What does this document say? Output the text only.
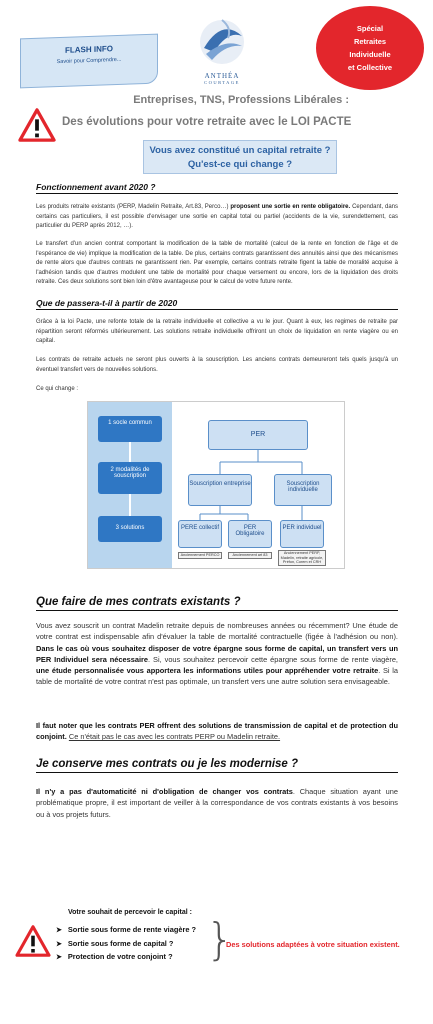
FLASH INFO
Savoir pour Comprendre...
ANTHÉA
COURTAGE
Spécial
Retraites
Individuelle
et Collective
Entreprises, TNS, Professions Libérales :
Des évolutions pour votre retraite avec le LOI PACTE
Vous avez constitué un capital retraite ?
Qu'est-ce qui change ?
Fonctionnement avant 2020 ?

Les produits retraite existants (PERP, Madelin Retraite, Art.83, Perco…) proposent une sortie en rente obligatoire. Cependant, dans certains cas particuliers, il est possible d'envisager une sortie en capital total ou partiel (accidents de la vie, surendettement, cas particulier du PERP après 2012, …).

Le transfert d'un ancien contrat comportant la modification de la table de mortalité (calcul de la rente en fonction de l'âge et de l'espérance de vie) implique la modification de la table. De plus, certains contrats garantissent des annuités ainsi que des mécanismes de rente alors que d'autres contrats ne garantissent rien. Par exemple, certains contrats retraite figent la table de moralité acquise à l'adhésion tandis que d'autres modulent une table de mortalité pour chaque versement ou encore, lors de la liquidation des droits retraite. Ces deux solutions sont bien loin d'être avantageuse pour le calcul de votre future rente.

Que de passera-t-il à partir de 2020

Grâce à la loi Pacte, une refonte totale de la retraite individuelle et collective a vu le jour. Quant à eux, les regimes de retraite par répartition seront réformés ultérieurement. Les solutions retraite individuelle offriront un choix de liquidation en rente viagère ou en capital.

Les contrats de retraite actuels ne seront plus ouverts à la souscription. Les anciens contrats demeureront tels quels jusqu'à un éventuel transfert vers de nouvelles solutions.

Ce qui change :

1 socle commun
2 modalités de souscription
3 solutions
PER
Souscription entreprise	Souscription individuelle
PERE collectif	PER Obligatoire
PER individuel
Anciennement PERCO	Anciennement art 83	Anciennement PERP, Madelin, retraite agricole, Préfon, Corem et CRH
Que faire de mes contrats existants ?

Vous avez souscrit un contrat Madelin retraite depuis de nombreuses années ou récemment? Une étude de votre contrat est indispensable afin d'évaluer la table de mortalité contractuelle (figée à l'adhésion ou non). Dans le cas où vous souhaitez disposer de votre épargne sous forme de capital, un transfert vers un PER Individuel sera nécessaire. Si, vous souhaitez percevoir cette épargne sous forme de rente viagère, une étude personnalisée vous apportera les informations utiles pour appréhender votre retraite. Si la table de mortalité de votre contrat n'est pas optimale, un transfert vers une autre solution sera envisageable.

Il faut noter que les contrats PER offrent des solutions de transmission de capital et de protection du conjoint. Ce n'était pas le cas avec les contrats PERP ou Madelin retraite.

Je conserve mes contrats ou je les modernise ?

Il n'y a pas d'automaticité ni d'obligation de changer vos contrats. Chaque situation ayant une problématique propre, il est important de veiller à la correspondance de vos contrats existants à vos besoins ou à vos projets futurs.

Votre souhait de percevoir le capital :
➤ Sortie sous forme de rente viagère ?
➤ Sortie sous forme de capital ?
➤ Protection de votre conjoint ? }
Des solutions adaptées à votre situation existent.
